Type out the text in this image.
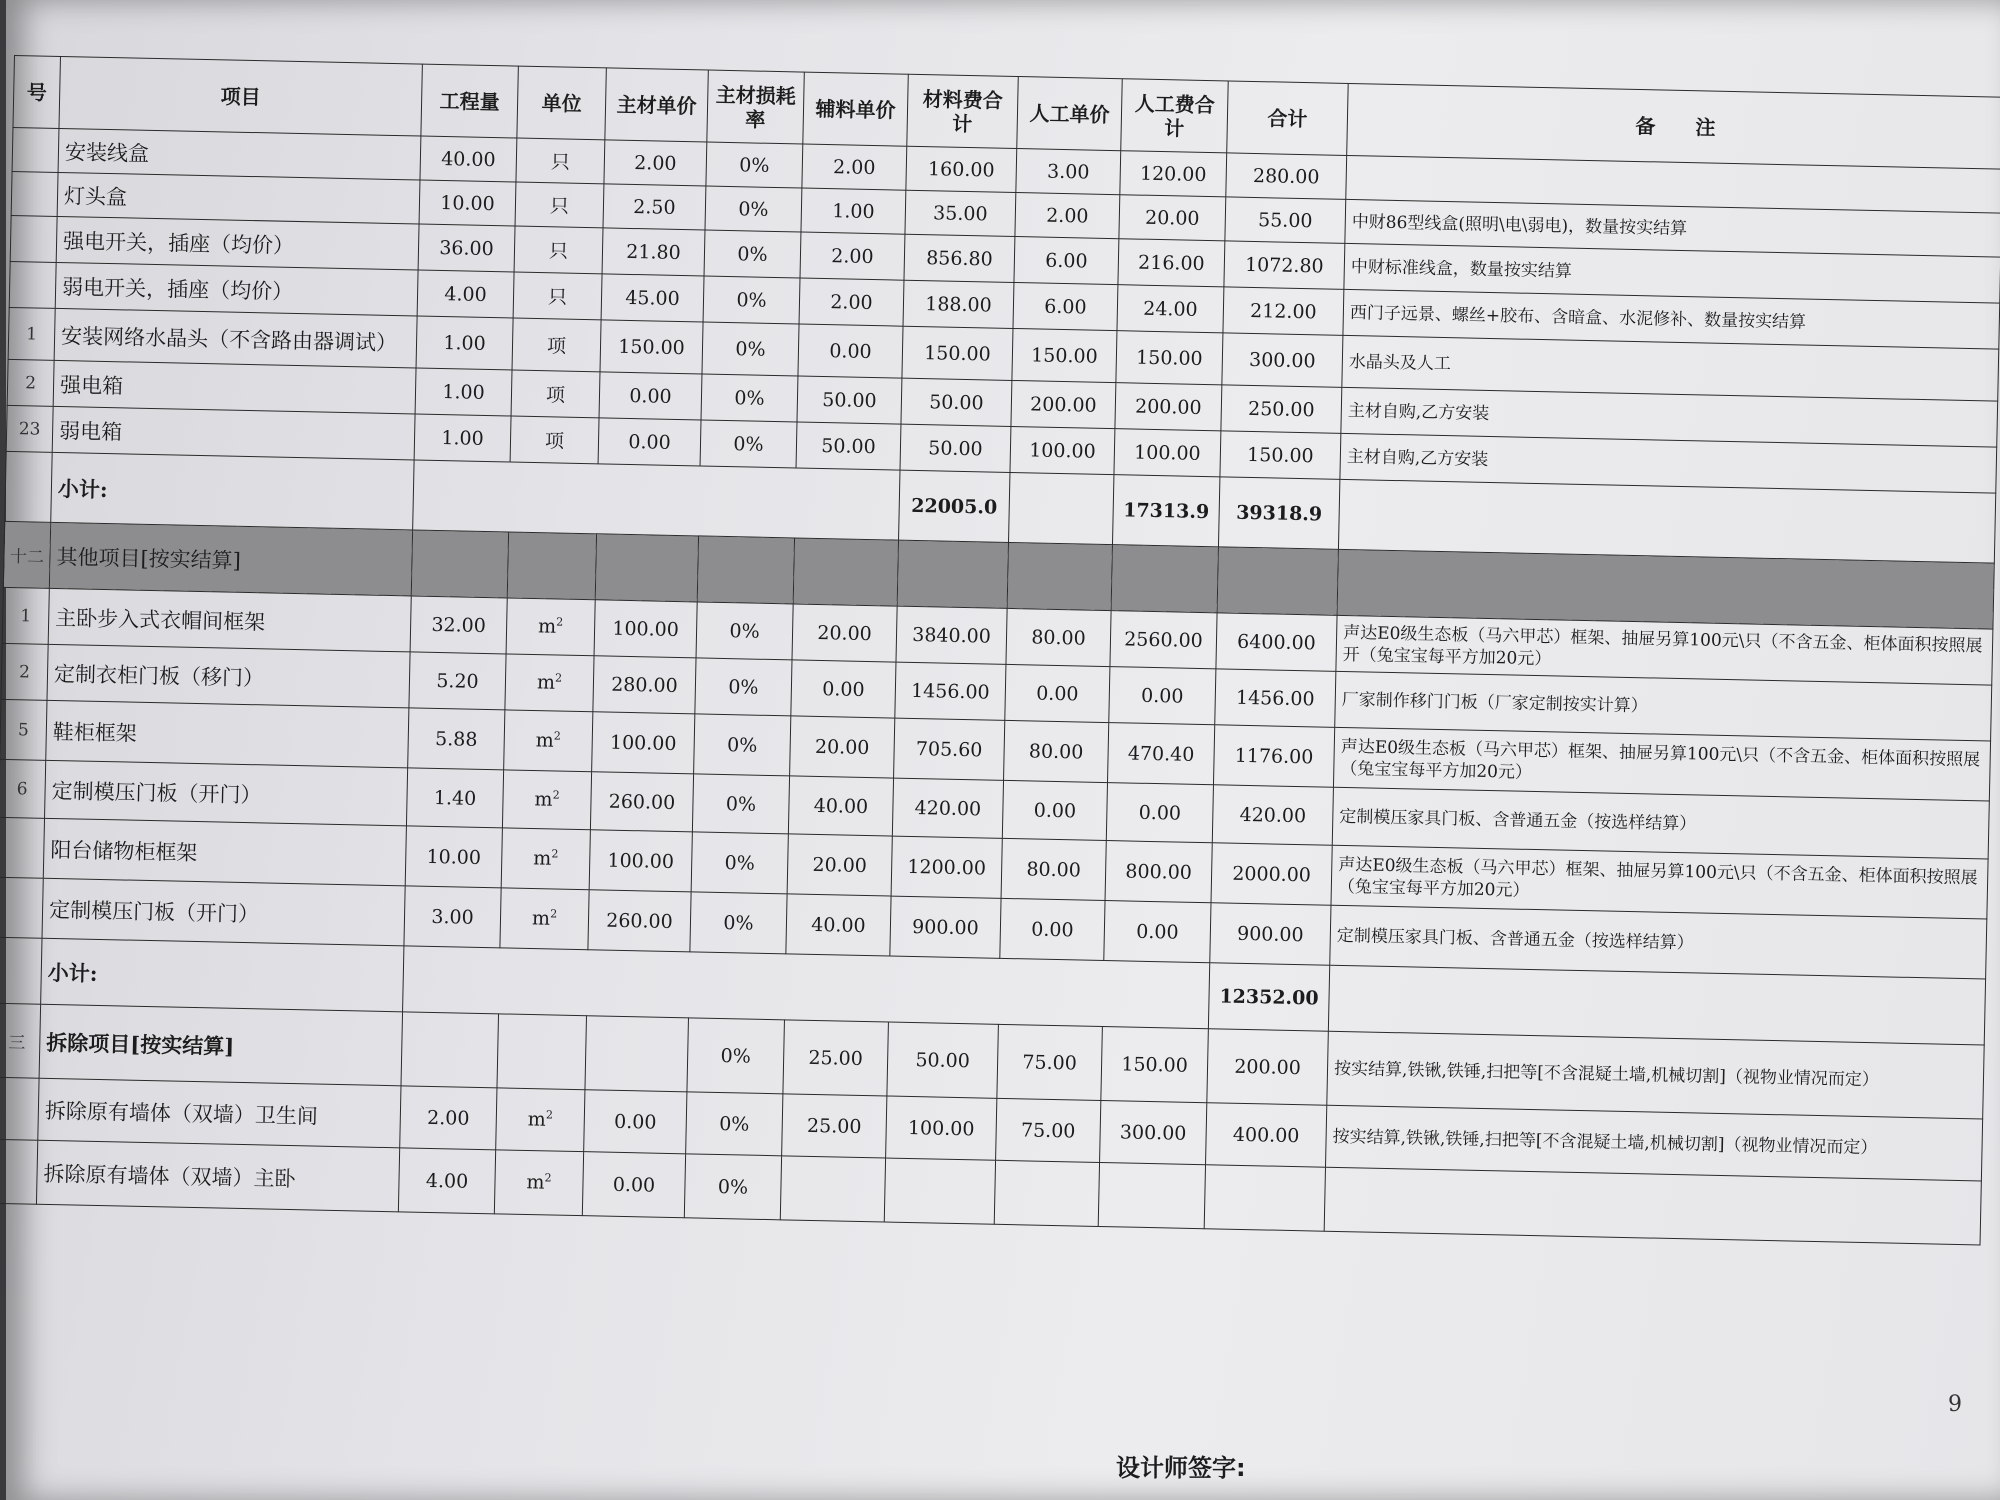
号	项目	工程量	单位	主材单价	主材损耗率	辅料单价	材料费合计	人工单价	人工费合计	合计	备　　注
	安装线盒	40.00	只	2.00	0%	2.00	160.00	3.00	120.00	280.00	
	灯头盒	10.00	只	2.50	0%	1.00	35.00	2.00	20.00	55.00	中财86型线盒(照明\电\弱电)，数量按实结算
	强电开关，插座（均价）	36.00	只	21.80	0%	2.00	856.80	6.00	216.00	1072.80	中财标准线盒，数量按实结算
	弱电开关，插座（均价）	4.00	只	45.00	0%	2.00	188.00	6.00	24.00	212.00	西门子远景、螺丝+胶布、含暗盒、水泥修补、数量按实结算
1	安装网络水晶头（不含路由器调试）	1.00	项	150.00	0%	0.00	150.00	150.00	150.00	300.00	水晶头及人工
2	强电箱	1.00	项	0.00	0%	50.00	50.00	200.00	200.00	250.00	主材自购,乙方安装
23	弱电箱	1.00	项	0.00	0%	50.00	50.00	100.00	100.00	150.00	主材自购,乙方安装
	小计:						22005.0		17313.9	39318.9	
十二	其他项目[按实结算]										
1	主卧步入式衣帽间框架	32.00	$m^2$	100.00	0%	20.00	3840.00	80.00	2560.00	6400.00	声达E0级生态板（马六甲芯）框架、抽屉另算100元\只（不含五金、柜体面积按照展开（兔宝宝每平方加20元）
2	定制衣柜门板（移门）	5.20	$m^2$	280.00	0%	0.00	1456.00	0.00	0.00	1456.00	厂家制作移门门板（厂家定制按实计算）
5	鞋柜框架	5.88	$m^2$	100.00	0%	20.00	705.60	80.00	470.40	1176.00	声达E0级生态板（马六甲芯）框架、抽屉另算100元\只（不含五金、柜体面积按照展（兔宝宝每平方加20元）
6	定制模压门板（开门）	1.40	$m^2$	260.00	0%	40.00	420.00	0.00	0.00	420.00	定制模压家具门板、含普通五金（按选样结算）
	阳台储物柜框架	10.00	$m^2$	100.00	0%	20.00	1200.00	80.00	800.00	2000.00	声达E0级生态板（马六甲芯）框架、抽屉另算100元\只（不含五金、柜体面积按照展（兔宝宝每平方加20元）
	定制模压门板（开门）	3.00	$m^2$	260.00	0%	40.00	900.00	0.00	0.00	900.00	定制模压家具门板、含普通五金（按选样结算）
	小计:									12352.00	
三	拆除项目[按实结算]				0%	25.00	50.00	75.00	150.00	200.00	按实结算,铁锹,铁锤,扫把等[不含混疑土墙,机械切割]（视物业情况而定）
	拆除原有墙体（双墙）卫生间	2.00	$m^2$	0.00	0%	25.00	100.00	75.00	300.00	400.00	按实结算,铁锹,铁锤,扫把等[不含混疑土墙,机械切割]（视物业情况而定）
	拆除原有墙体（双墙）主卧	4.00	$m^2$	0.00	0%						
9
设计师签字:
